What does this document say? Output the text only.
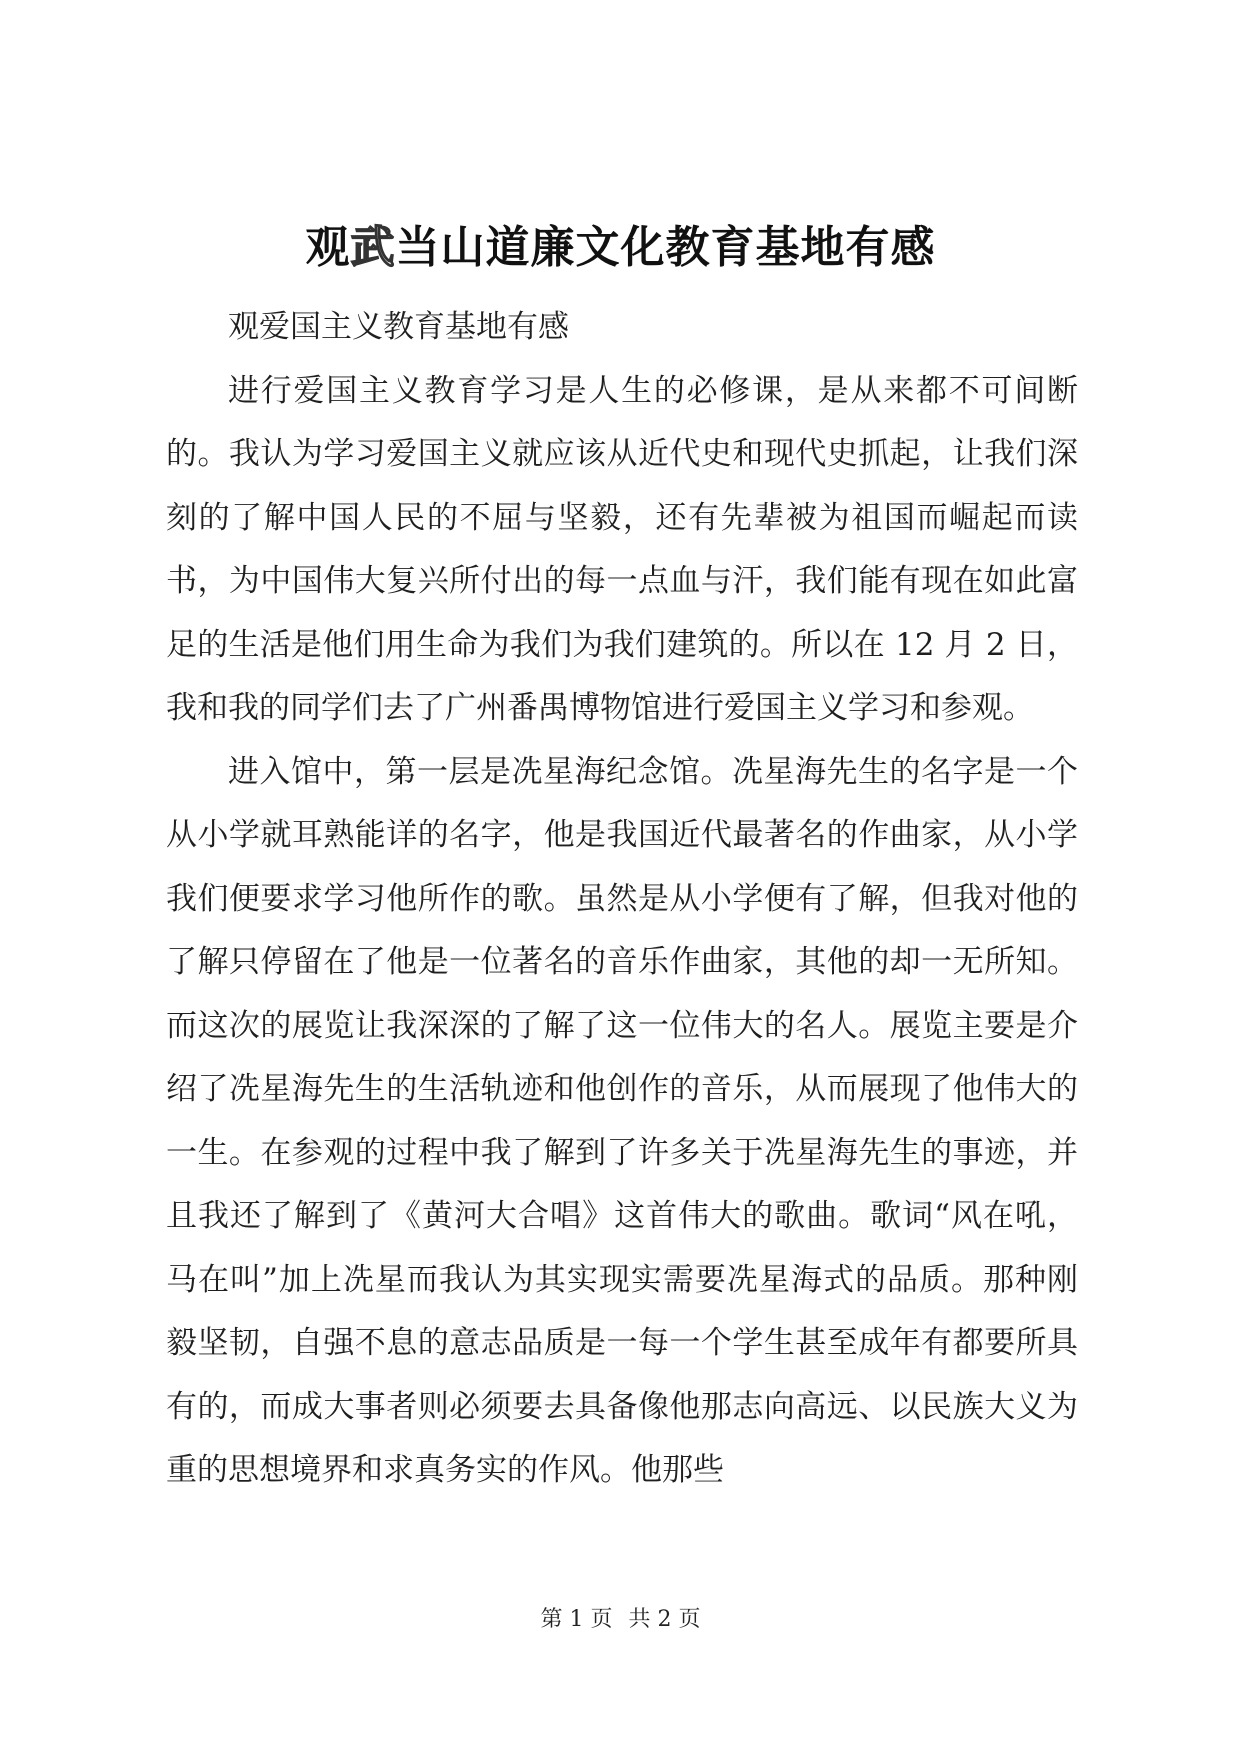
观武当山道廉文化教育基地有感

观爱国主义教育基地有感

进行爱国主义教育学习是人生的必修课，是从来都不可间断的。我认为学习爱国主义就应该从近代史和现代史抓起，让我们深刻的了解中国人民的不屈与坚毅，还有先辈被为祖国而崛起而读书，为中国伟大复兴所付出的每一点血与汗，我们能有现在如此富足的生活是他们用生命为我们为我们建筑的。所以在 12 月 2 日，我和我的同学们去了广州番禺博物馆进行爱国主义学习和参观。

进入馆中，第一层是冼星海纪念馆。冼星海先生的名字是一个从小学就耳熟能详的名字，他是我国近代最著名的作曲家，从小学我们便要求学习他所作的歌。虽然是从小学便有了解，但我对他的了解只停留在了他是一位著名的音乐作曲家，其他的却一无所知。而这次的展览让我深深的了解了这一位伟大的名人。展览主要是介绍了冼星海先生的生活轨迹和他创作的音乐，从而展现了他伟大的一生。在参观的过程中我了解到了许多关于冼星海先生的事迹，并且我还了解到了《黄河大合唱》这首伟大的歌曲。歌词“风在吼，马在叫”加上冼星而我认为其实现实需要冼星海式的品质。那种刚毅坚韧，自强不息的意志品质是一每一个学生甚至成年有都要所具有的，而成大事者则必须要去具备像他那志向高远、以民族大义为重的思想境界和求真务实的作风。他那些

第 1 页 共 2 页
